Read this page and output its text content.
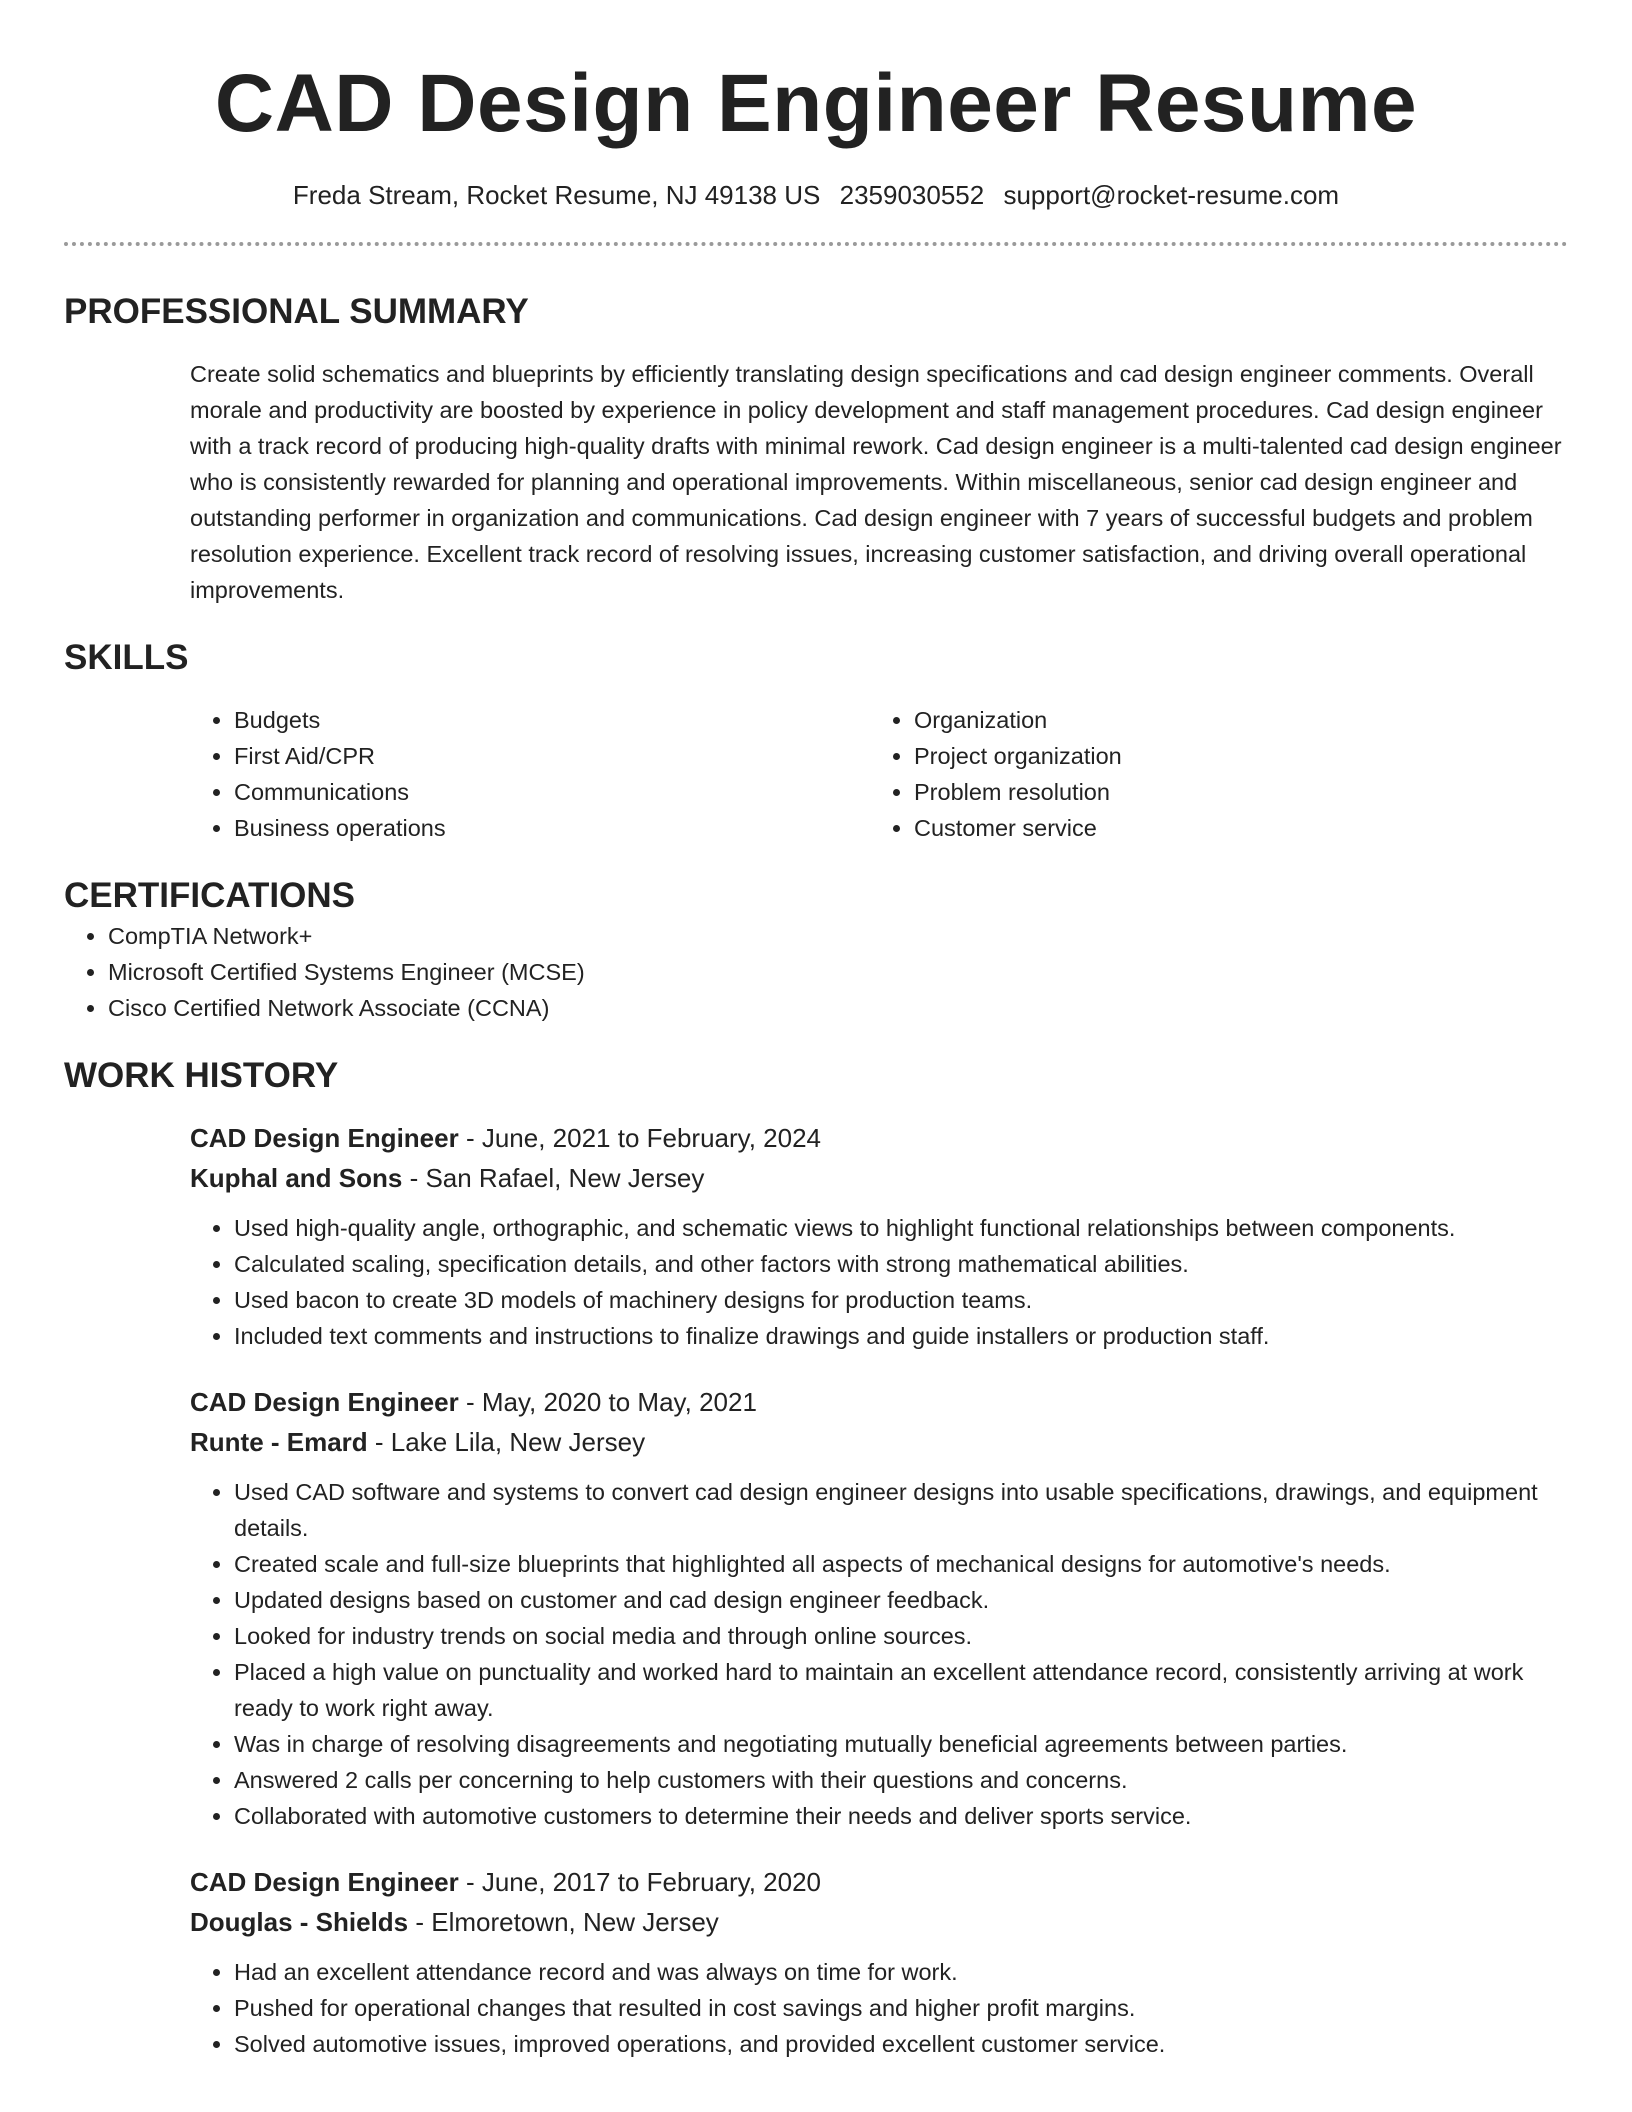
CAD Design Engineer Resume
Freda Stream, Rocket Resume, NJ 49138 US 2359030552 support@rocket-resume.com
PROFESSIONAL SUMMARY

Create solid schematics and blueprints by efficiently translating design specifications and cad design engineer comments. Overall morale and productivity are boosted by experience in policy development and staff management procedures. Cad design engineer with a track record of producing high-quality drafts with minimal rework. Cad design engineer is a multi-talented cad design engineer who is consistently rewarded for planning and operational improvements. Within miscellaneous, senior cad design engineer and outstanding performer in organization and communications. Cad design engineer with 7 years of successful budgets and problem resolution experience. Excellent track record of resolving issues, increasing customer satisfaction, and driving overall operational improvements.

SKILLS
• Budgets
• First Aid/CPR
• Communications
• Business operations
• Organization
• Project organization
• Problem resolution
• Customer service
CERTIFICATIONS
• CompTIA Network+
• Microsoft Certified Systems Engineer (MCSE)
• Cisco Certified Network Associate (CCNA)
WORK HISTORY
CAD Design Engineer - June, 2021 to February, 2024
Kuphal and Sons - San Rafael, New Jersey
• Used high-quality angle, orthographic, and schematic views to highlight functional relationships between components.
• Calculated scaling, specification details, and other factors with strong mathematical abilities.
• Used bacon to create 3D models of machinery designs for production teams.
• Included text comments and instructions to finalize drawings and guide installers or production staff.
CAD Design Engineer - May, 2020 to May, 2021
Runte - Emard - Lake Lila, New Jersey
• Used CAD software and systems to convert cad design engineer designs into usable specifications, drawings, and equipment details.
• Created scale and full-size blueprints that highlighted all aspects of mechanical designs for automotive's needs.
• Updated designs based on customer and cad design engineer feedback.
• Looked for industry trends on social media and through online sources.
• Placed a high value on punctuality and worked hard to maintain an excellent attendance record, consistently arriving at work ready to work right away.
• Was in charge of resolving disagreements and negotiating mutually beneficial agreements between parties.
• Answered 2 calls per concerning to help customers with their questions and concerns.
• Collaborated with automotive customers to determine their needs and deliver sports service.
CAD Design Engineer - June, 2017 to February, 2020
Douglas - Shields - Elmoretown, New Jersey
• Had an excellent attendance record and was always on time for work.
• Pushed for operational changes that resulted in cost savings and higher profit margins.
• Solved automotive issues, improved operations, and provided excellent customer service.
